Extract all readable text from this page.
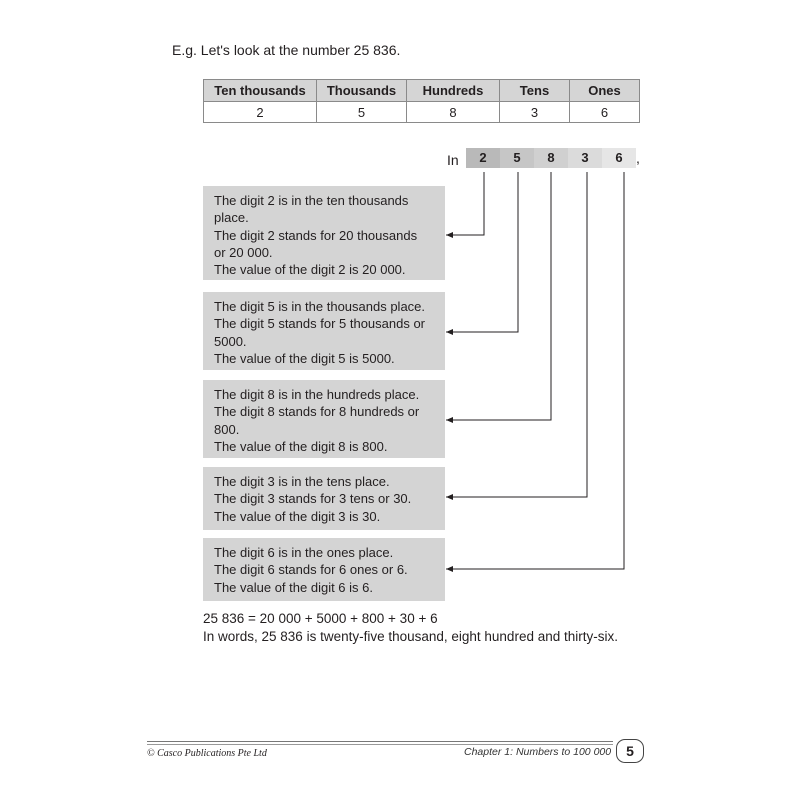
E.g. Let's look at the number 25 836.
Ten thousands	Thousands	Hundreds	Tens	Ones
2	5	8	3	6
In	2	5	8	3	6 ,
The digit 2 is in the ten thousands
place.
The digit 2 stands for 20 thousands
or 20 000.
The value of the digit 2 is 20 000.
The digit 5 is in the thousands place.
The digit 5 stands for 5 thousands or
5000.
The value of the digit 5 is 5000.
The digit 8 is in the hundreds place.
The digit 8 stands for 8 hundreds or
800.
The value of the digit 8 is 800.
The digit 3 is in the tens place.
The digit 3 stands for 3 tens or 30.
The value of the digit 3 is 30.
The digit 6 is in the ones place.
The digit 6 stands for 6 ones or 6.
The value of the digit 6 is 6.
25 836 = 20 000 + 5000 + 800 + 30 + 6
In words, 25 836 is twenty-five thousand, eight hundred and thirty-six.
© Casco Publications Pte Ltd	Chapter 1: Numbers to 100 000	5
